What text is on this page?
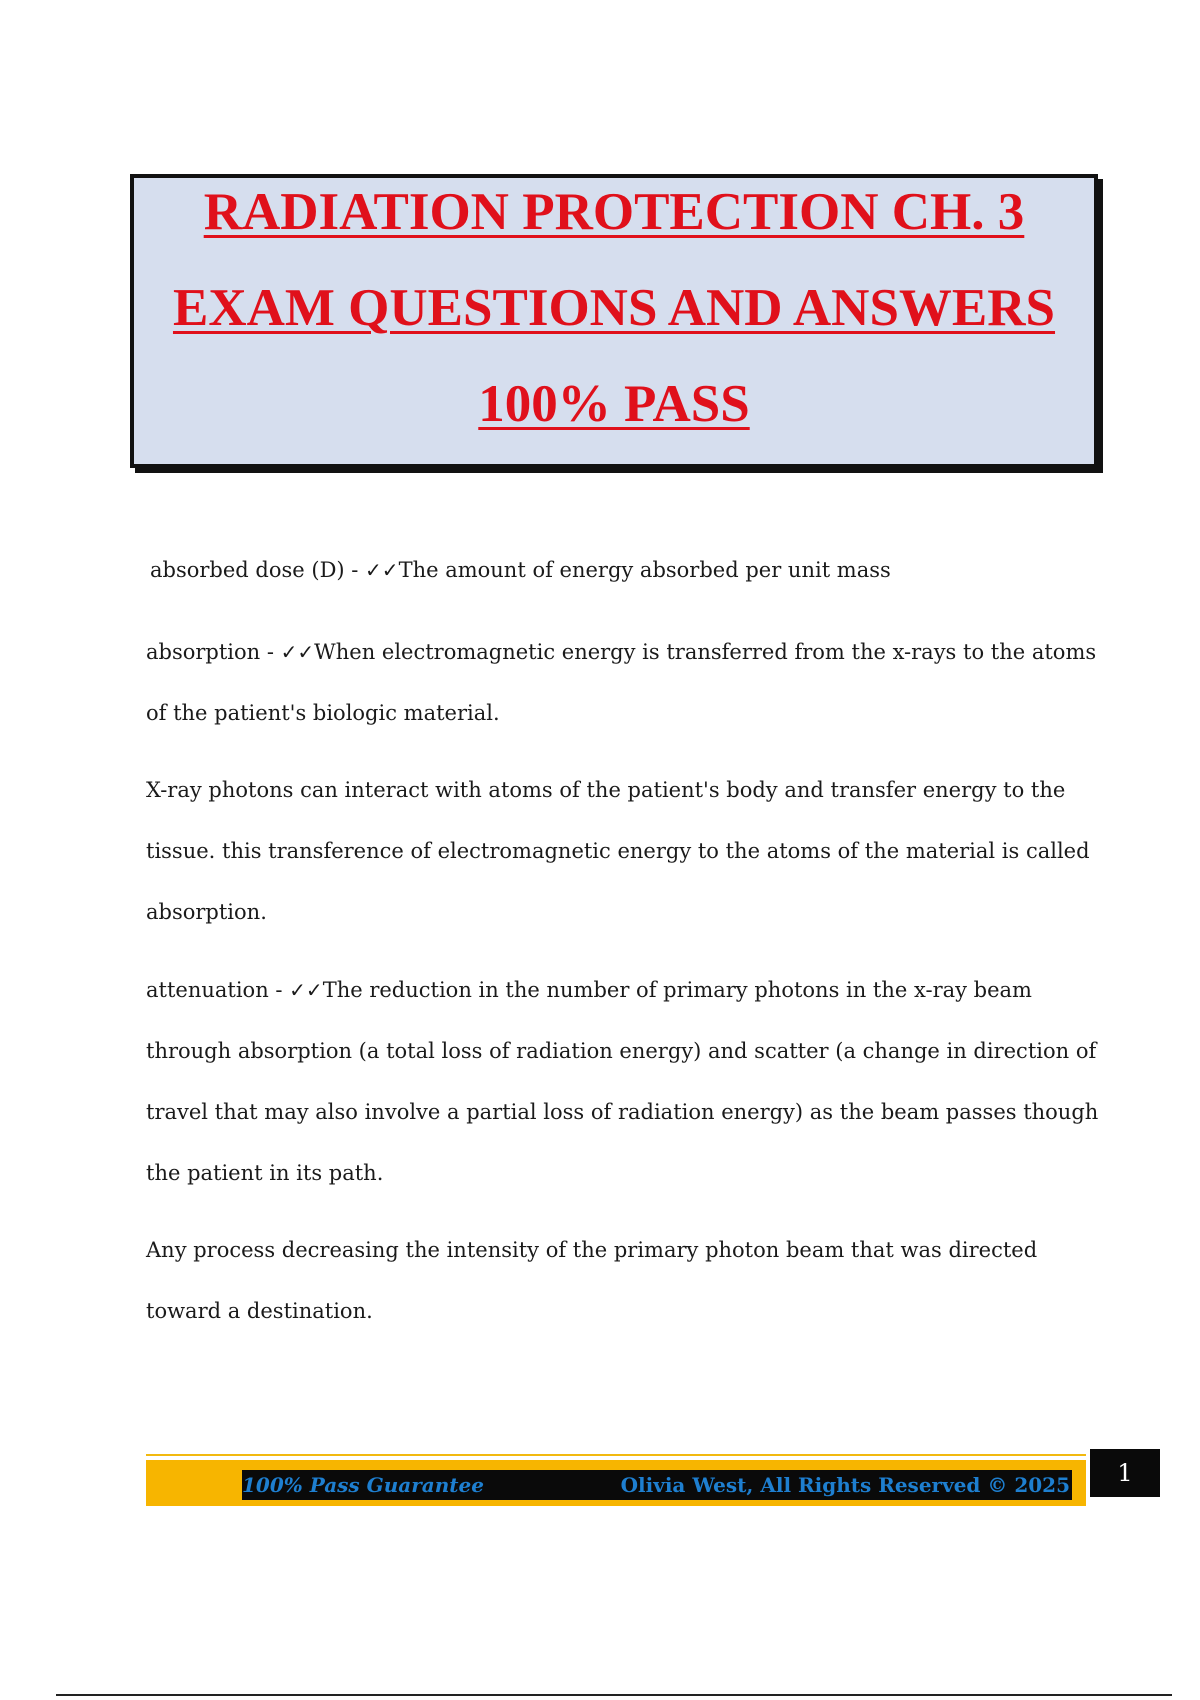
RADIATION PROTECTION CH. 3
EXAM QUESTIONS AND ANSWERS
100% PASS

absorbed dose (D) - ✓✓The amount of energy absorbed per unit mass

absorption - ✓✓When electromagnetic energy is transferred from the x-rays to the atoms of the patient's biologic material.

X-ray photons can interact with atoms of the patient's body and transfer energy to the tissue. this transference of electromagnetic energy to the atoms of the material is called absorption.

attenuation - ✓✓The reduction in the number of primary photons in the x-ray beam through absorption (a total loss of radiation energy) and scatter (a change in direction of travel that may also involve a partial loss of radiation energy) as the beam passes though the patient in its path.

Any process decreasing the intensity of the primary photon beam that was directed toward a destination.

100% Pass Guarantee	Olivia West, All Rights Reserved © 2025	1
